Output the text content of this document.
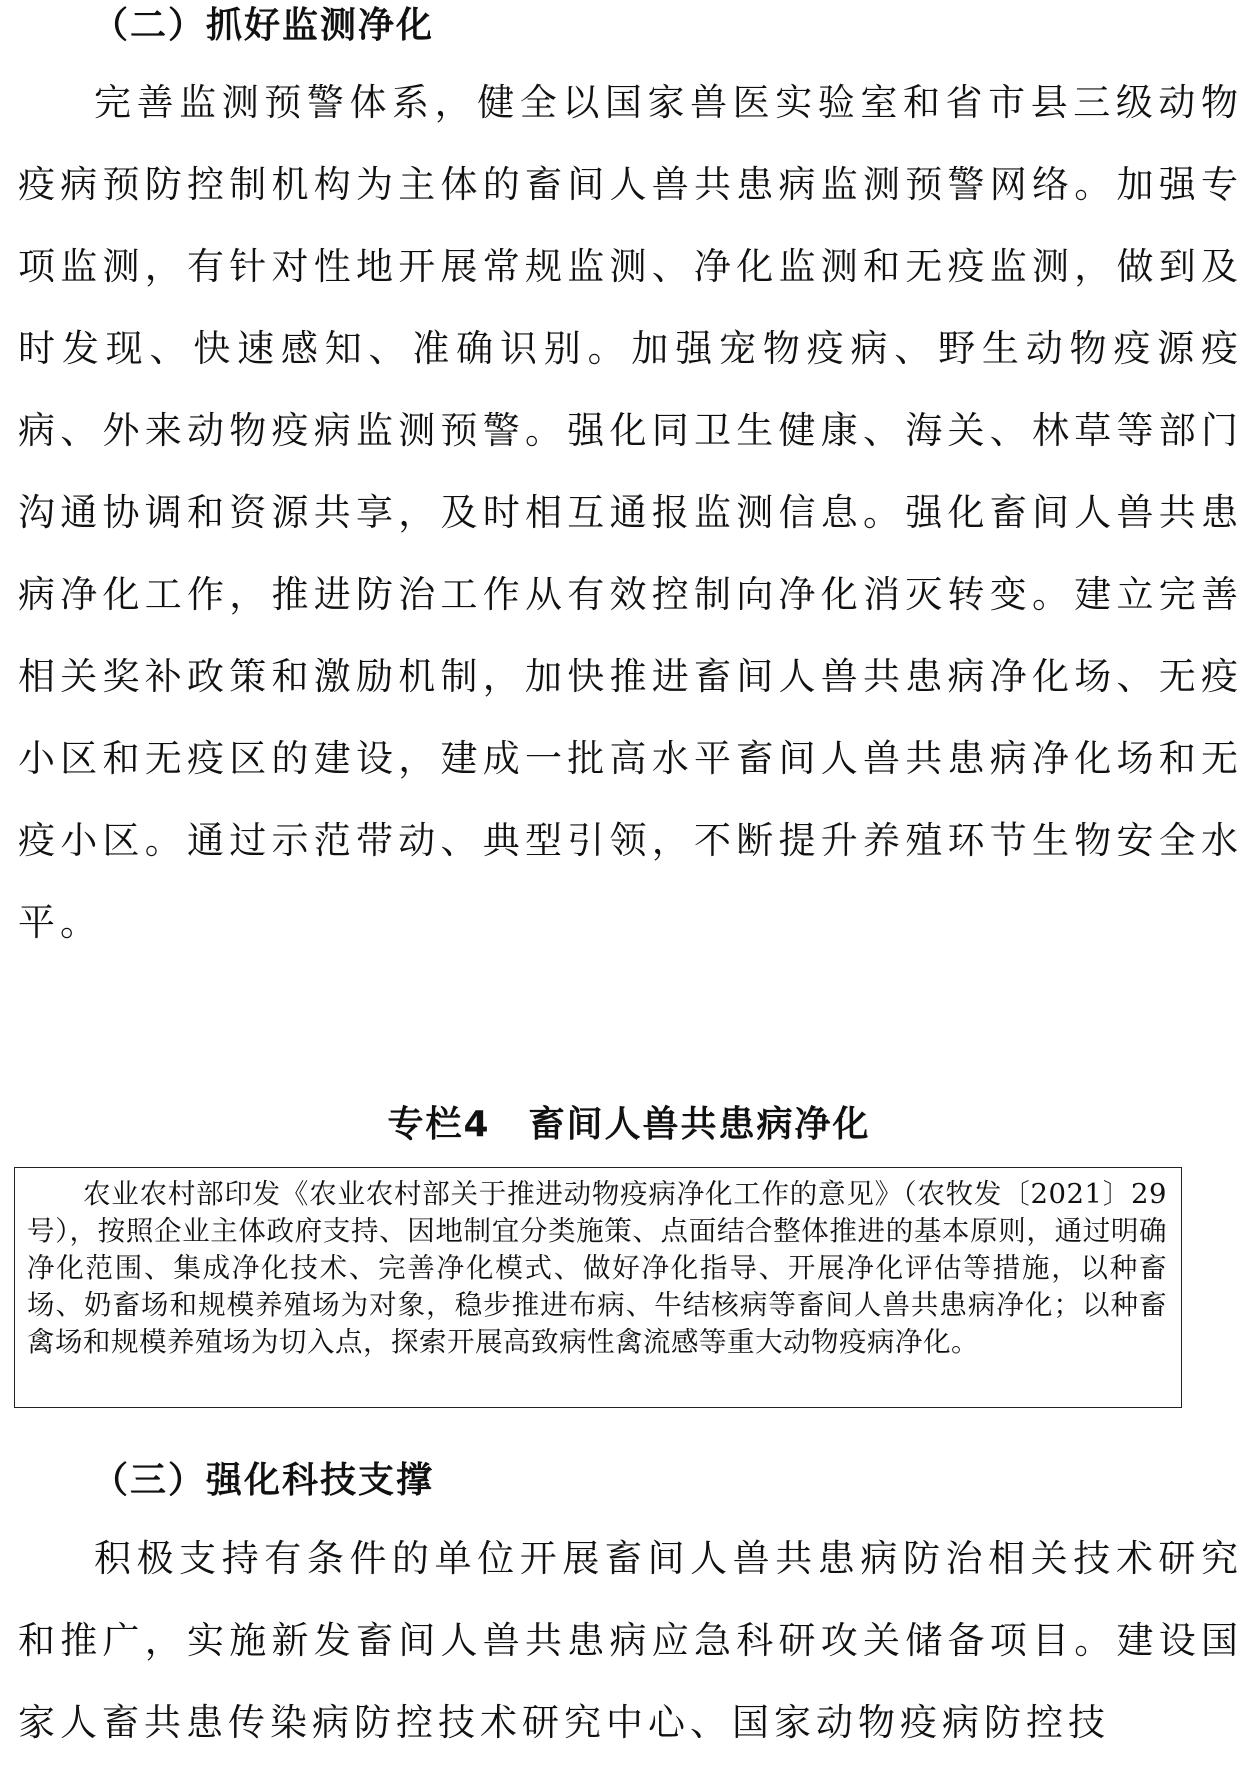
（二）抓好监测净化

完善监测预警体系，健全以国家兽医实验室和省市县三级动物疫病预防控制机构为主体的畜间人兽共患病监测预警网络。加强专项监测，有针对性地开展常规监测、净化监测和无疫监测，做到及时发现、快速感知、准确识别。加强宠物疫病、野生动物疫源疫病、外来动物疫病监测预警。强化同卫生健康、海关、林草等部门沟通协调和资源共享，及时相互通报监测信息。强化畜间人兽共患病净化工作，推进防治工作从有效控制向净化消灭转变。建立完善相关奖补政策和激励机制，加快推进畜间人兽共患病净化场、无疫小区和无疫区的建设，建成一批高水平畜间人兽共患病净化场和无疫小区。通过示范带动、典型引领，不断提升养殖环节生物安全水平。

专栏4　畜间人兽共患病净化

农业农村部印发《农业农村部关于推进动物疫病净化工作的意见》（农牧发〔2021〕29号），按照企业主体政府支持、因地制宜分类施策、点面结合整体推进的基本原则，通过明确净化范围、集成净化技术、完善净化模式、做好净化指导、开展净化评估等措施，以种畜场、奶畜场和规模养殖场为对象，稳步推进布病、牛结核病等畜间人兽共患病净化；以种畜禽场和规模养殖场为切入点，探索开展高致病性禽流感等重大动物疫病净化。

（三）强化科技支撑

积极支持有条件的单位开展畜间人兽共患病防治相关技术研究和推广，实施新发畜间人兽共患病应急科研攻关储备项目。建设国家人畜共患传染病防控技术研究中心、国家动物疫病防控技
